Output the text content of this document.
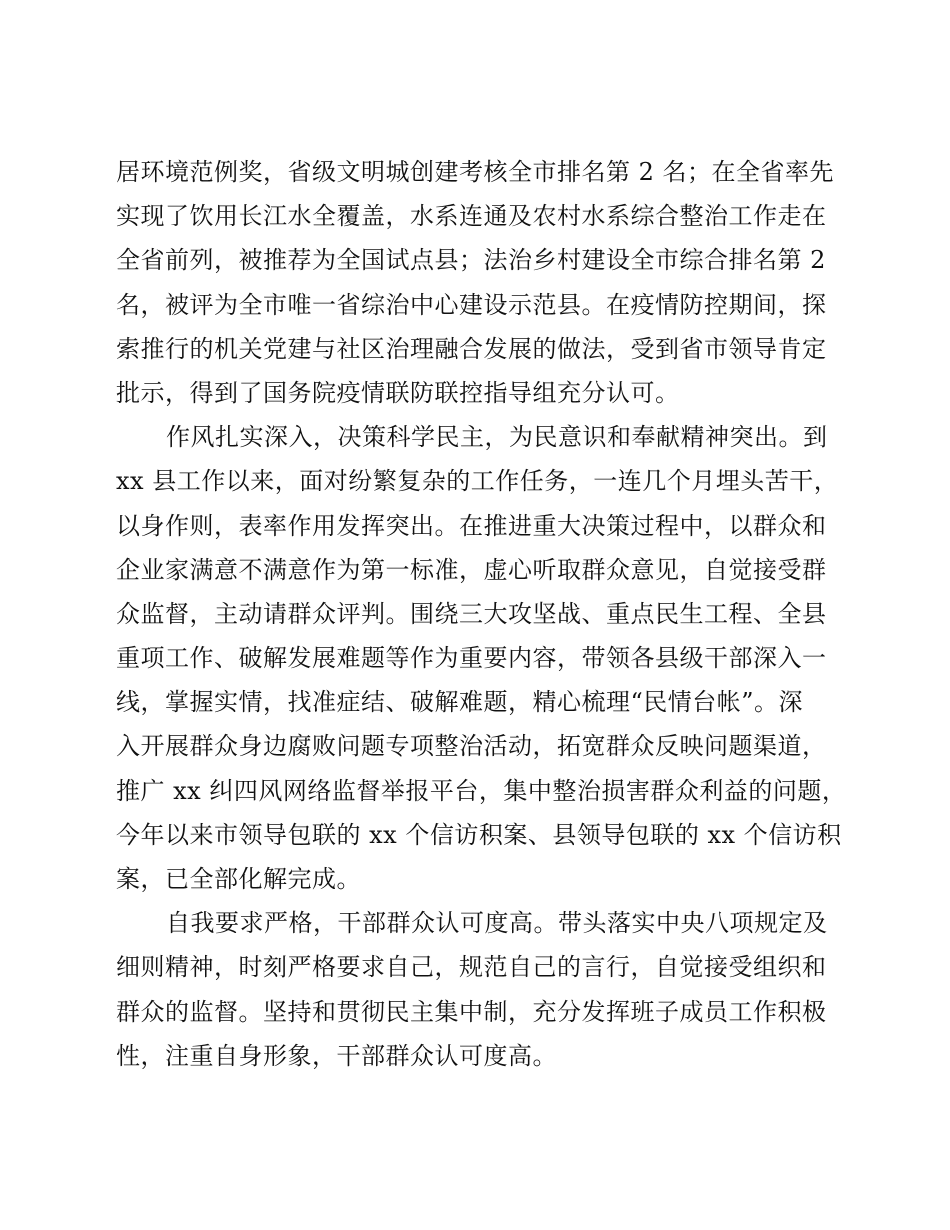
居环境范例奖，省级文明城创建考核全市排名第 2 名；在全省率先
实现了饮用长江水全覆盖，水系连通及农村水系综合整治工作走在
全省前列，被推荐为全国试点县；法治乡村建设全市综合排名第 2
名，被评为全市唯一省综治中心建设示范县。在疫情防控期间，探
索推行的机关党建与社区治理融合发展的做法，受到省市领导肯定
批示，得到了国务院疫情联防联控指导组充分认可。
作风扎实深入，决策科学民主，为民意识和奉献精神突出。到
xx 县工作以来，面对纷繁复杂的工作任务，一连几个月埋头苦干，
以身作则，表率作用发挥突出。在推进重大决策过程中，以群众和
企业家满意不满意作为第一标准，虚心听取群众意见，自觉接受群
众监督，主动请群众评判。围绕三大攻坚战、重点民生工程、全县
重项工作、破解发展难题等作为重要内容，带领各县级干部深入一
线，掌握实情，找准症结、破解难题，精心梳理“民情台帐”。深
入开展群众身边腐败问题专项整治活动，拓宽群众反映问题渠道，
推广 xx 纠四风网络监督举报平台，集中整治损害群众利益的问题，
今年以来市领导包联的 xx 个信访积案、县领导包联的 xx 个信访积
案，已全部化解完成。
自我要求严格，干部群众认可度高。带头落实中央八项规定及
细则精神，时刻严格要求自己，规范自己的言行，自觉接受组织和
群众的监督。坚持和贯彻民主集中制，充分发挥班子成员工作积极
性，注重自身形象，干部群众认可度高。
